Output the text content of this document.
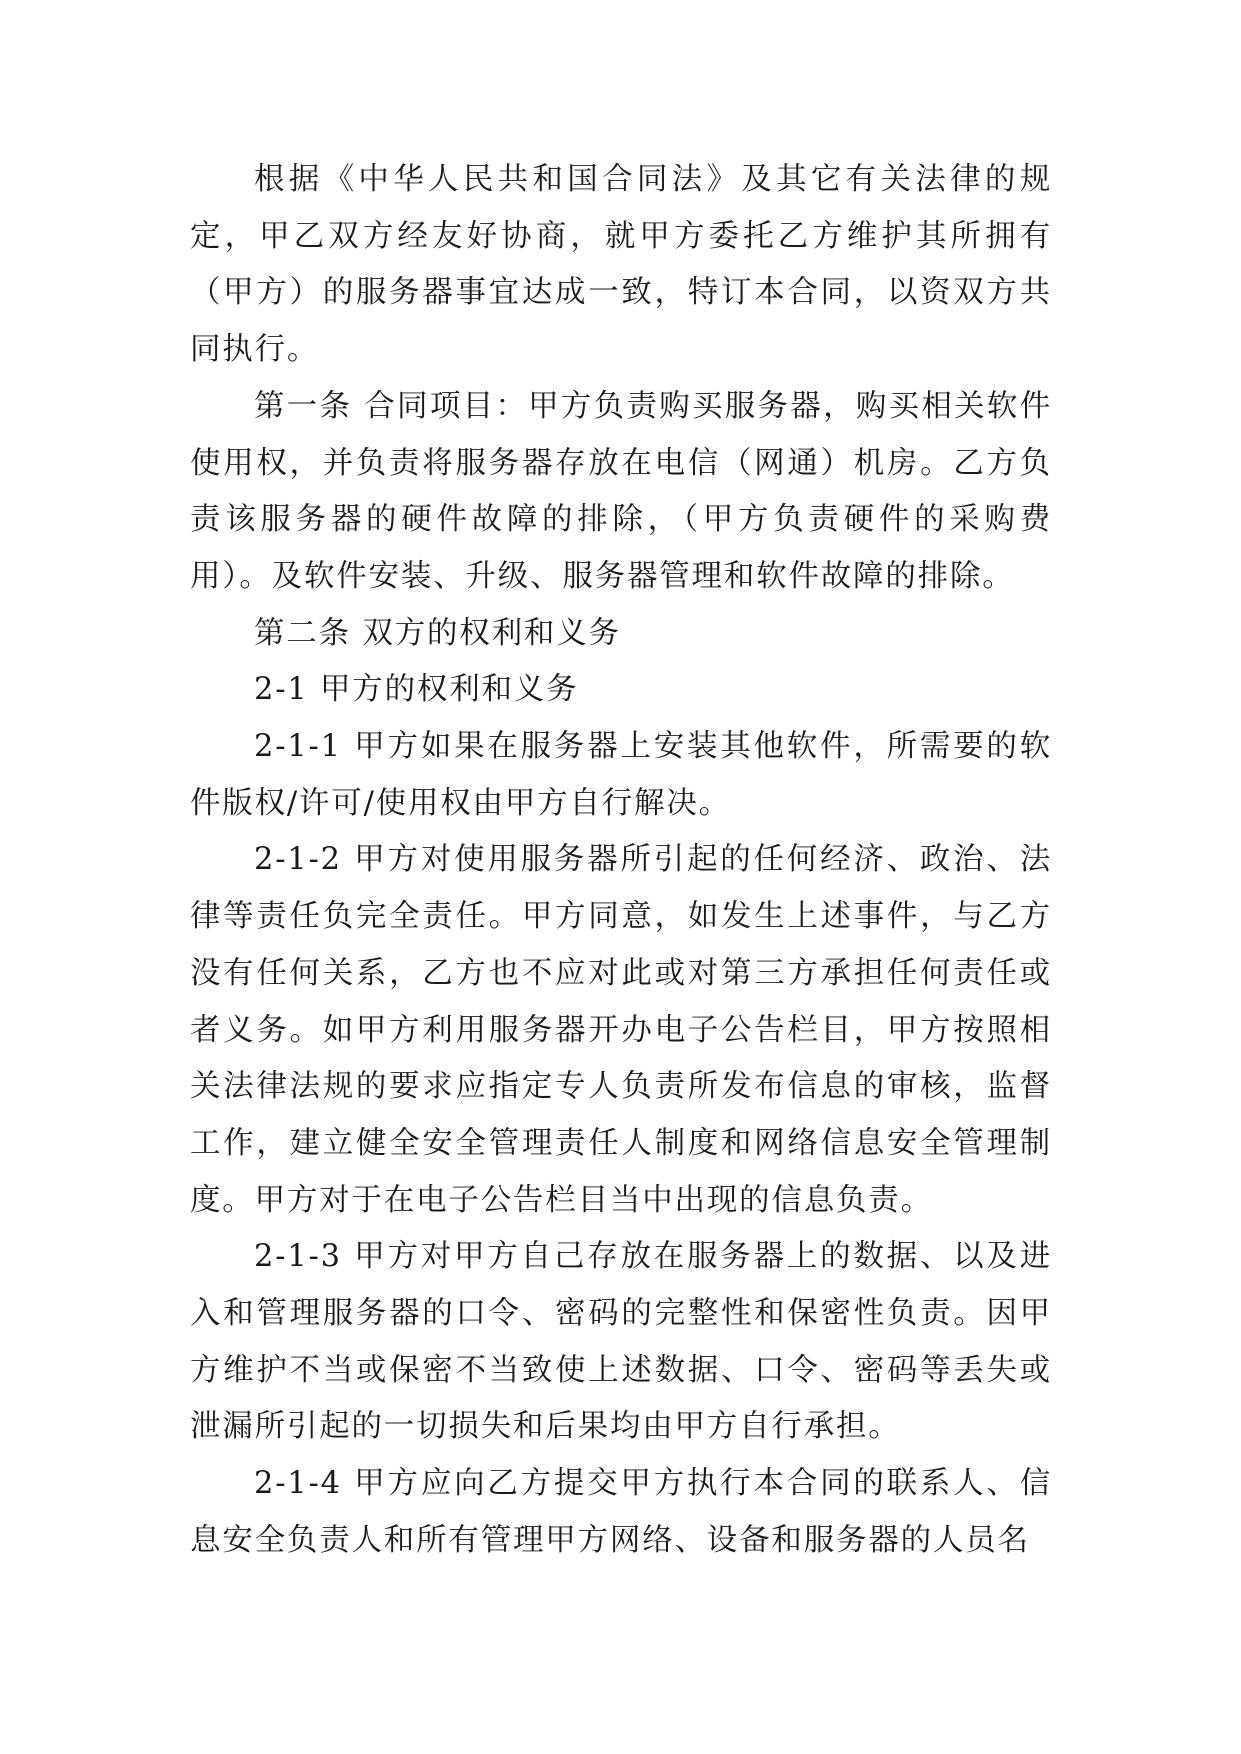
根据《中华人民共和国合同法》及其它有关法律的规定，甲乙双方经友好协商，就甲方委托乙方维护其所拥有（甲方）的服务器事宜达成一致，特订本合同，以资双方共同执行。

第一条 合同项目：甲方负责购买服务器，购买相关软件使用权，并负责将服务器存放在电信（网通）机房。乙方负责该服务器的硬件故障的排除，（甲方负责硬件的采购费用）。及软件安装、升级、服务器管理和软件故障的排除。

第二条 双方的权利和义务

2-1 甲方的权利和义务

2-1-1 甲方如果在服务器上安装其他软件，所需要的软件版权/许可/使用权由甲方自行解决。

2-1-2 甲方对使用服务器所引起的任何经济、政治、法律等责任负完全责任。甲方同意，如发生上述事件，与乙方没有任何关系，乙方也不应对此或对第三方承担任何责任或者义务。如甲方利用服务器开办电子公告栏目，甲方按照相关法律法规的要求应指定专人负责所发布信息的审核，监督工作，建立健全安全管理责任人制度和网络信息安全管理制度。甲方对于在电子公告栏目当中出现的信息负责。

2-1-3 甲方对甲方自己存放在服务器上的数据、以及进入和管理服务器的口令、密码的完整性和保密性负责。因甲方维护不当或保密不当致使上述数据、口令、密码等丢失或泄漏所引起的一切损失和后果均由甲方自行承担。

2-1-4 甲方应向乙方提交甲方执行本合同的联系人、信息安全负责人和所有管理甲方网络、设备和服务器的人员名
